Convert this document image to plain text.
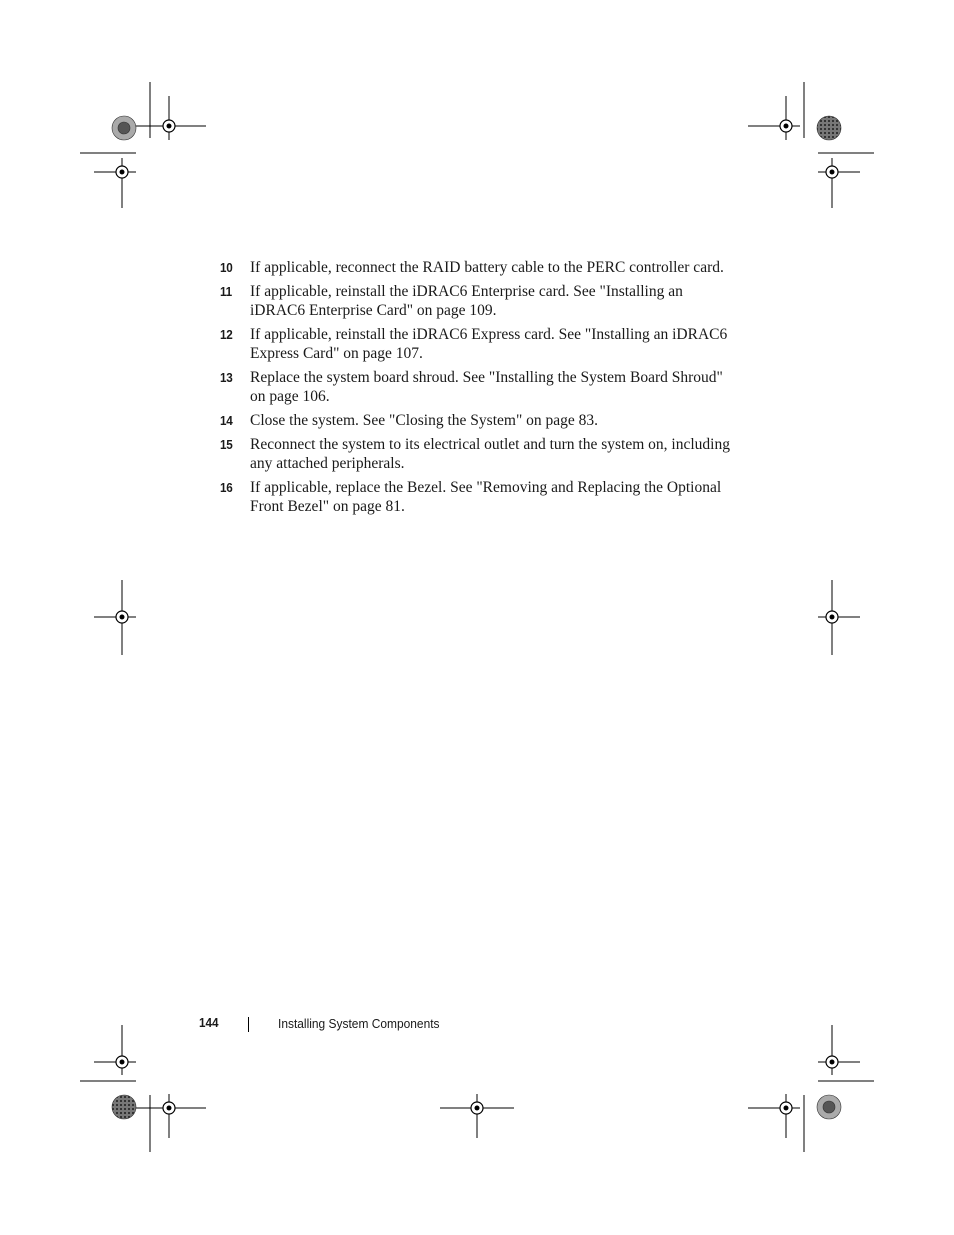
10	If applicable, reconnect the RAID battery cable to the PERC controller card.
11	If applicable, reinstall the iDRAC6 Enterprise card. See "Installing an iDRAC6 Enterprise Card" on page 109.
12	If applicable, reinstall the iDRAC6 Express card. See "Installing an iDRAC6 Express Card" on page 107.
13	Replace the system board shroud. See "Installing the System Board Shroud" on page 106.
14	Close the system. See "Closing the System" on page 83.
15	Reconnect the system to its electrical outlet and turn the system on, including any attached peripherals.
16	If applicable, replace the Bezel. See "Removing and Replacing the Optional Front Bezel" on page 81.
144	Installing System Components
